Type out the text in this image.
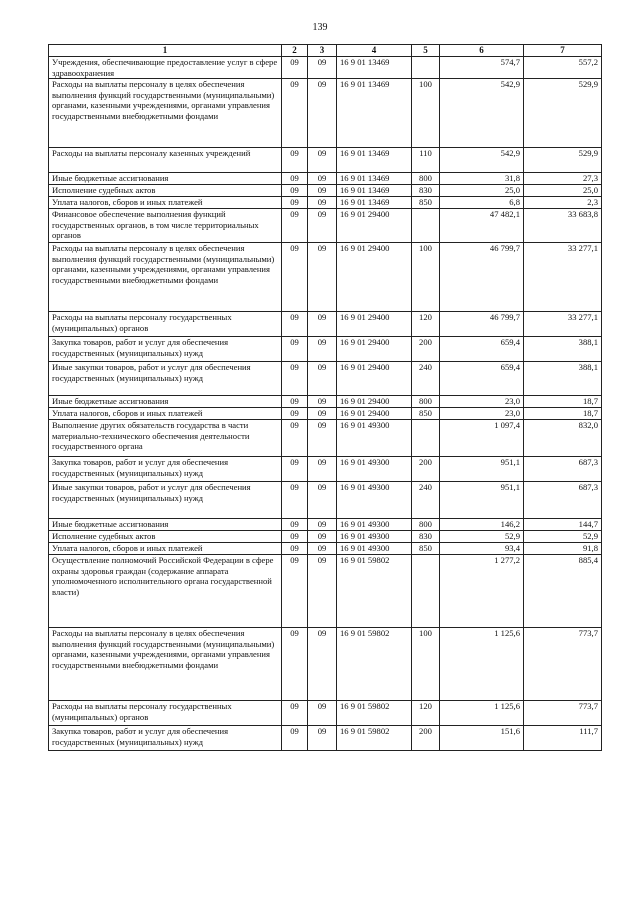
139
1	2	3	4	5	6	7
Учреждения, обеспечивающие предоставление услуг в сфере здравоохранения	09	09	16 9 01 13469		574,7	557,2
Расходы на выплаты персоналу в целях обеспечения выполнения функций государственными (муниципальными) органами, казенными учреждениями, органами управления государственными внебюджетными фондами	09	09	16 9 01 13469	100	542,9	529,9
Расходы на выплаты персоналу казенных учреждений	09	09	16 9 01 13469	110	542,9	529,9
Иные бюджетные ассигнования	09	09	16 9 01 13469	800	31,8	27,3
Исполнение судебных актов	09	09	16 9 01 13469	830	25,0	25,0
Уплата налогов, сборов и иных платежей	09	09	16 9 01 13469	850	6,8	2,3
Финансовое обеспечение выполнения функций государственных органов, в том числе территориальных органов	09	09	16 9 01 29400		47 482,1	33 683,8
Расходы на выплаты персоналу в целях обеспечения выполнения функций государственными (муниципальными) органами, казенными учреждениями, органами управления государственными внебюджетными фондами	09	09	16 9 01 29400	100	46 799,7	33 277,1
Расходы на выплаты персоналу государственных (муниципальных) органов	09	09	16 9 01 29400	120	46 799,7	33 277,1
Закупка товаров, работ и услуг для обеспечения государственных (муниципальных) нужд	09	09	16 9 01 29400	200	659,4	388,1
Иные закупки товаров, работ и услуг для обеспечения государственных (муниципальных) нужд	09	09	16 9 01 29400	240	659,4	388,1
Иные бюджетные ассигнования	09	09	16 9 01 29400	800	23,0	18,7
Уплата налогов, сборов и иных платежей	09	09	16 9 01 29400	850	23,0	18,7
Выполнение других обязательств государства в части материально-технического обеспечения деятельности государственного органа	09	09	16 9 01 49300		1 097,4	832,0
Закупка товаров, работ и услуг для обеспечения государственных (муниципальных) нужд	09	09	16 9 01 49300	200	951,1	687,3
Иные закупки товаров, работ и услуг для обеспечения государственных (муниципальных) нужд	09	09	16 9 01 49300	240	951,1	687,3
Иные бюджетные ассигнования	09	09	16 9 01 49300	800	146,2	144,7
Исполнение судебных актов	09	09	16 9 01 49300	830	52,9	52,9
Уплата налогов, сборов и иных платежей	09	09	16 9 01 49300	850	93,4	91,8
Осуществление полномочий Российской Федерации в сфере охраны здоровья граждан (содержание аппарата уполномоченного исполнительного органа государственной власти)	09	09	16 9 01 59802		1 277,2	885,4
Расходы на выплаты персоналу в целях обеспечения выполнения функций государственными (муниципальными) органами, казенными учреждениями, органами управления государственными внебюджетными фондами	09	09	16 9 01 59802	100	1 125,6	773,7
Расходы на выплаты персоналу государственных (муниципальных) органов	09	09	16 9 01 59802	120	1 125,6	773,7
Закупка товаров, работ и услуг для обеспечения государственных (муниципальных) нужд	09	09	16 9 01 59802	200	151,6	111,7
